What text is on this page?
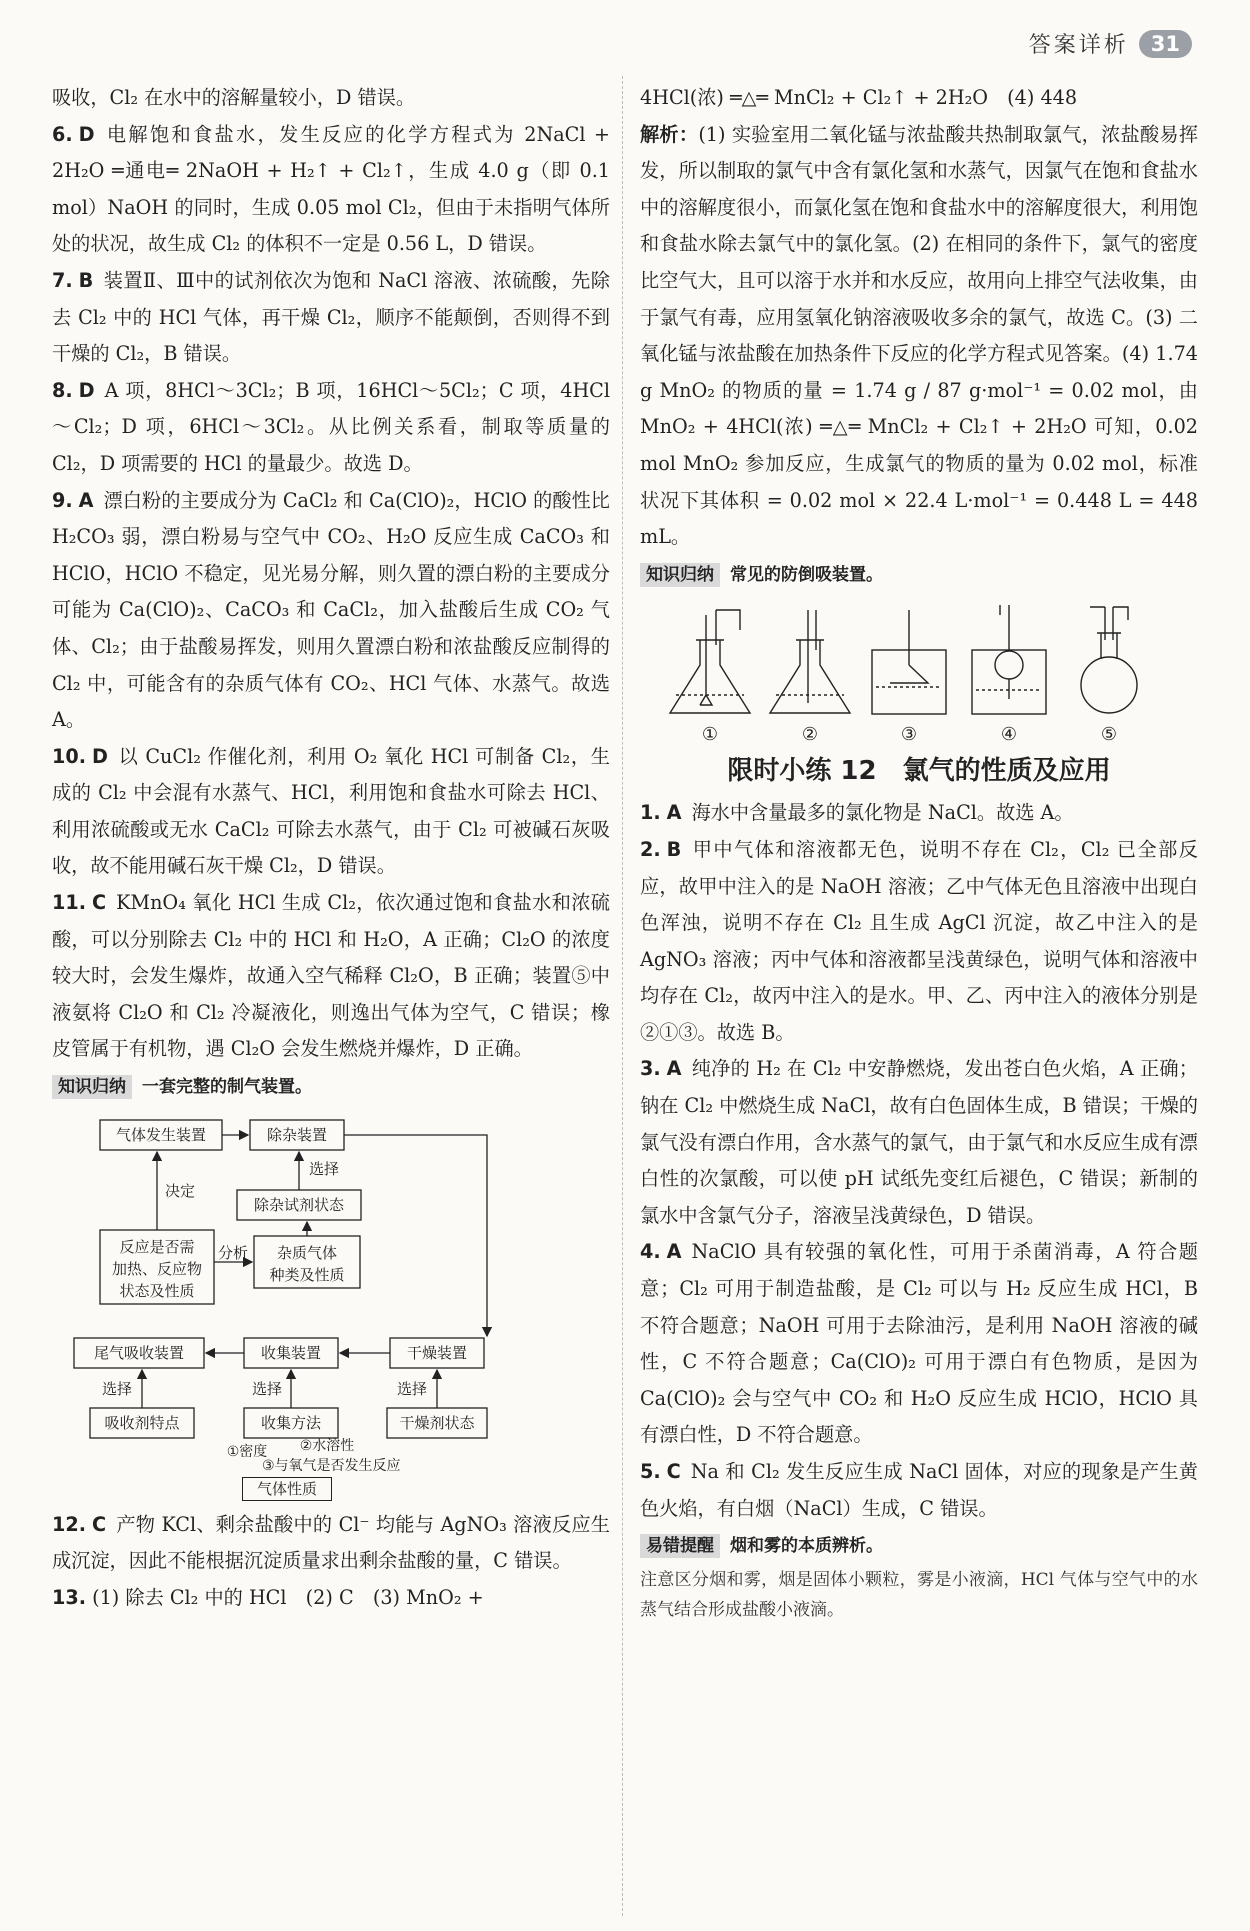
答案详析	31

吸收，Cl₂ 在水中的溶解量较小，D 错误。

6. D 电解饱和食盐水，发生反应的化学方程式为 2NaCl + 2H₂O ═通电═ 2NaOH + H₂↑ + Cl₂↑，生成 4.0 g（即 0.1 mol）NaOH 的同时，生成 0.05 mol Cl₂，但由于未指明气体所处的状况，故生成 Cl₂ 的体积不一定是 0.56 L，D 错误。

7. B 装置Ⅱ、Ⅲ中的试剂依次为饱和 NaCl 溶液、浓硫酸，先除去 Cl₂ 中的 HCl 气体，再干燥 Cl₂，顺序不能颠倒，否则得不到干燥的 Cl₂，B 错误。

8. D A 项，8HCl～3Cl₂；B 项，16HCl～5Cl₂；C 项，4HCl～Cl₂；D 项，6HCl～3Cl₂。从比例关系看，制取等质量的 Cl₂，D 项需要的 HCl 的量最少。故选 D。

9. A 漂白粉的主要成分为 CaCl₂ 和 Ca(ClO)₂，HClO 的酸性比 H₂CO₃ 弱，漂白粉易与空气中 CO₂、H₂O 反应生成 CaCO₃ 和 HClO，HClO 不稳定，见光易分解，则久置的漂白粉的主要成分可能为 Ca(ClO)₂、CaCO₃ 和 CaCl₂，加入盐酸后生成 CO₂ 气体、Cl₂；由于盐酸易挥发，则用久置漂白粉和浓盐酸反应制得的 Cl₂ 中，可能含有的杂质气体有 CO₂、HCl 气体、水蒸气。故选 A。

10. D 以 CuCl₂ 作催化剂，利用 O₂ 氧化 HCl 可制备 Cl₂，生成的 Cl₂ 中会混有水蒸气、HCl，利用饱和食盐水可除去 HCl、利用浓硫酸或无水 CaCl₂ 可除去水蒸气，由于 Cl₂ 可被碱石灰吸收，故不能用碱石灰干燥 Cl₂，D 错误。

11. C KMnO₄ 氧化 HCl 生成 Cl₂，依次通过饱和食盐水和浓硫酸，可以分别除去 Cl₂ 中的 HCl 和 H₂O，A 正确；Cl₂O 的浓度较大时，会发生爆炸，故通入空气稀释 Cl₂O，B 正确；装置⑤中液氨将 Cl₂O 和 Cl₂ 冷凝液化，则逸出气体为空气，C 错误；橡皮管属于有机物，遇 Cl₂O 会发生燃烧并爆炸，D 正确。

知识归纳 一套完整的制气装置。

气体发生装置	除杂装置
选择
除杂试剂状态
决定
分析
反应是否需
加热、反应物
状态及性质
杂质气体
种类及性质
尾气吸收装置	收集装置	干燥装置
选择	选择	选择
吸收剂特点	收集方法	干燥剂状态
①密度 ②水溶性

③与氧气是否发生反应
气体性质

12. C 产物 KCl、剩余盐酸中的 Cl⁻ 均能与 AgNO₃ 溶液反应生成沉淀，因此不能根据沉淀质量求出剩余盐酸的量，C 错误。

13. (1) 除去 Cl₂ 中的 HCl　(2) C　(3) MnO₂ +

4HCl(浓) ═△═ MnCl₂ + Cl₂↑ + 2H₂O　(4) 448

解析：(1) 实验室用二氧化锰与浓盐酸共热制取氯气，浓盐酸易挥发，所以制取的氯气中含有氯化氢和水蒸气，因氯气在饱和食盐水中的溶解度很小，而氯化氢在饱和食盐水中的溶解度很大，利用饱和食盐水除去氯气中的氯化氢。(2) 在相同的条件下，氯气的密度比空气大，且可以溶于水并和水反应，故用向上排空气法收集，由于氯气有毒，应用氢氧化钠溶液吸收多余的氯气，故选 C。(3) 二氧化锰与浓盐酸在加热条件下反应的化学方程式见答案。(4) 1.74 g MnO₂ 的物质的量 = 1.74 g / 87 g·mol⁻¹ = 0.02 mol，由 MnO₂ + 4HCl(浓) ═△═ MnCl₂ + Cl₂↑ + 2H₂O 可知，0.02 mol MnO₂ 参加反应，生成氯气的物质的量为 0.02 mol，标准状况下其体积 = 0.02 mol × 22.4 L·mol⁻¹ = 0.448 L = 448 mL。

知识归纳 常见的防倒吸装置。

①	②	③	④	⑤
限时小练 12　氯气的性质及应用

1. A 海水中含量最多的氯化物是 NaCl。故选 A。

2. B 甲中气体和溶液都无色，说明不存在 Cl₂，Cl₂ 已全部反应，故甲中注入的是 NaOH 溶液；乙中气体无色且溶液中出现白色浑浊，说明不存在 Cl₂ 且生成 AgCl 沉淀，故乙中注入的是 AgNO₃ 溶液；丙中气体和溶液都呈浅黄绿色，说明气体和溶液中均存在 Cl₂，故丙中注入的是水。甲、乙、丙中注入的液体分别是②①③。故选 B。

3. A 纯净的 H₂ 在 Cl₂ 中安静燃烧，发出苍白色火焰，A 正确；钠在 Cl₂ 中燃烧生成 NaCl，故有白色固体生成，B 错误；干燥的氯气没有漂白作用，含水蒸气的氯气，由于氯气和水反应生成有漂白性的次氯酸，可以使 pH 试纸先变红后褪色，C 错误；新制的氯水中含氯气分子，溶液呈浅黄绿色，D 错误。

4. A NaClO 具有较强的氧化性，可用于杀菌消毒，A 符合题意；Cl₂ 可用于制造盐酸，是 Cl₂ 可以与 H₂ 反应生成 HCl，B 不符合题意；NaOH 可用于去除油污，是利用 NaOH 溶液的碱性，C 不符合题意；Ca(ClO)₂ 可用于漂白有色物质，是因为 Ca(ClO)₂ 会与空气中 CO₂ 和 H₂O 反应生成 HClO，HClO 具有漂白性，D 不符合题意。

5. C Na 和 Cl₂ 发生反应生成 NaCl 固体，对应的现象是产生黄色火焰，有白烟（NaCl）生成，C 错误。

易错提醒 烟和雾的本质辨析。

注意区分烟和雾，烟是固体小颗粒，雾是小液滴，HCl 气体与空气中的水蒸气结合形成盐酸小液滴。
